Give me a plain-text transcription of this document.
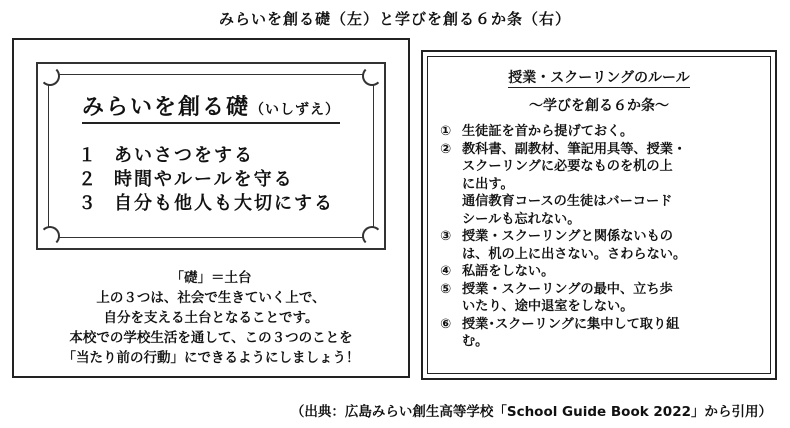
みらいを創る礎（左）と学びを創る６か条（右）
みらいを創る礎（いしずえ）
１ あいさつをする
２ 時間やルールを守る
３ 自分も他人も大切にする
「礎」＝土台
上の３つは、社会で生きていく上で、
自分を支える土台となることです。
本校での学校生活を通して、この３つのことを
「当たり前の行動」にできるようにしましょう！
授業・スクーリングのルール
～学びを創る６か条～
① 生徒証を首から提げておく。
② 教科書、副教材、筆記用具等、授業・
スクーリングに必要なものを机の上
に出す。
通信教育コースの生徒はバーコード
シールも忘れない。
③ 授業・スクーリングと関係ないもの
は、机の上に出さない。さわらない。
④ 私語をしない。
⑤ 授業・スクーリングの最中、立ち歩
いたり、途中退室をしない。
⑥ 授業･スクーリングに集中して取り組
む。
（出典：広島みらい創生高等学校「School Guide Book 2022」から引用）
